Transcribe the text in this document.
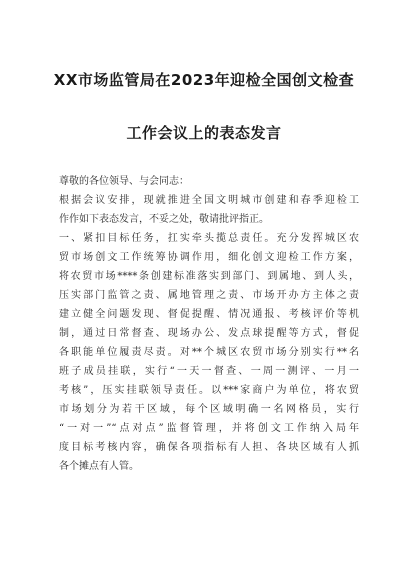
XX市场监管局在2023年迎检全国创文检查
工作会议上的表态发言
尊敬的各位领导、与会同志：
根据会议安排，现就推进全国文明城市创建和春季迎检工
作作如下表态发言，不妥之处，敬请批评指正。
一、紧扣目标任务，扛实牵头揽总责任。充分发挥城区农
贸市场创文工作统筹协调作用，细化创文迎检工作方案，
将农贸市场****条创建标准落实到部门、到属地、到人头，
压实部门监管之责、属地管理之责、市场开办方主体之责
建立健全问题发现、督促提醒、情况通报、考核评价等机
制，通过日常督查、现场办公、发点球提醒等方式，督促
各职能单位履责尽责。对**个城区农贸市场分别实行**名
班子成员挂联，实行“一天一督查、一周一测评、一月一
考核”，压实挂联领导责任。以***家商户为单位，将农贸
市场划分为若干区域，每个区域明确一名网格员，实行
“一对一”“点对点”监督管理，并将创文工作纳入局年
度目标考核内容，确保各项指标有人担、各块区域有人抓
各个摊点有人管。
